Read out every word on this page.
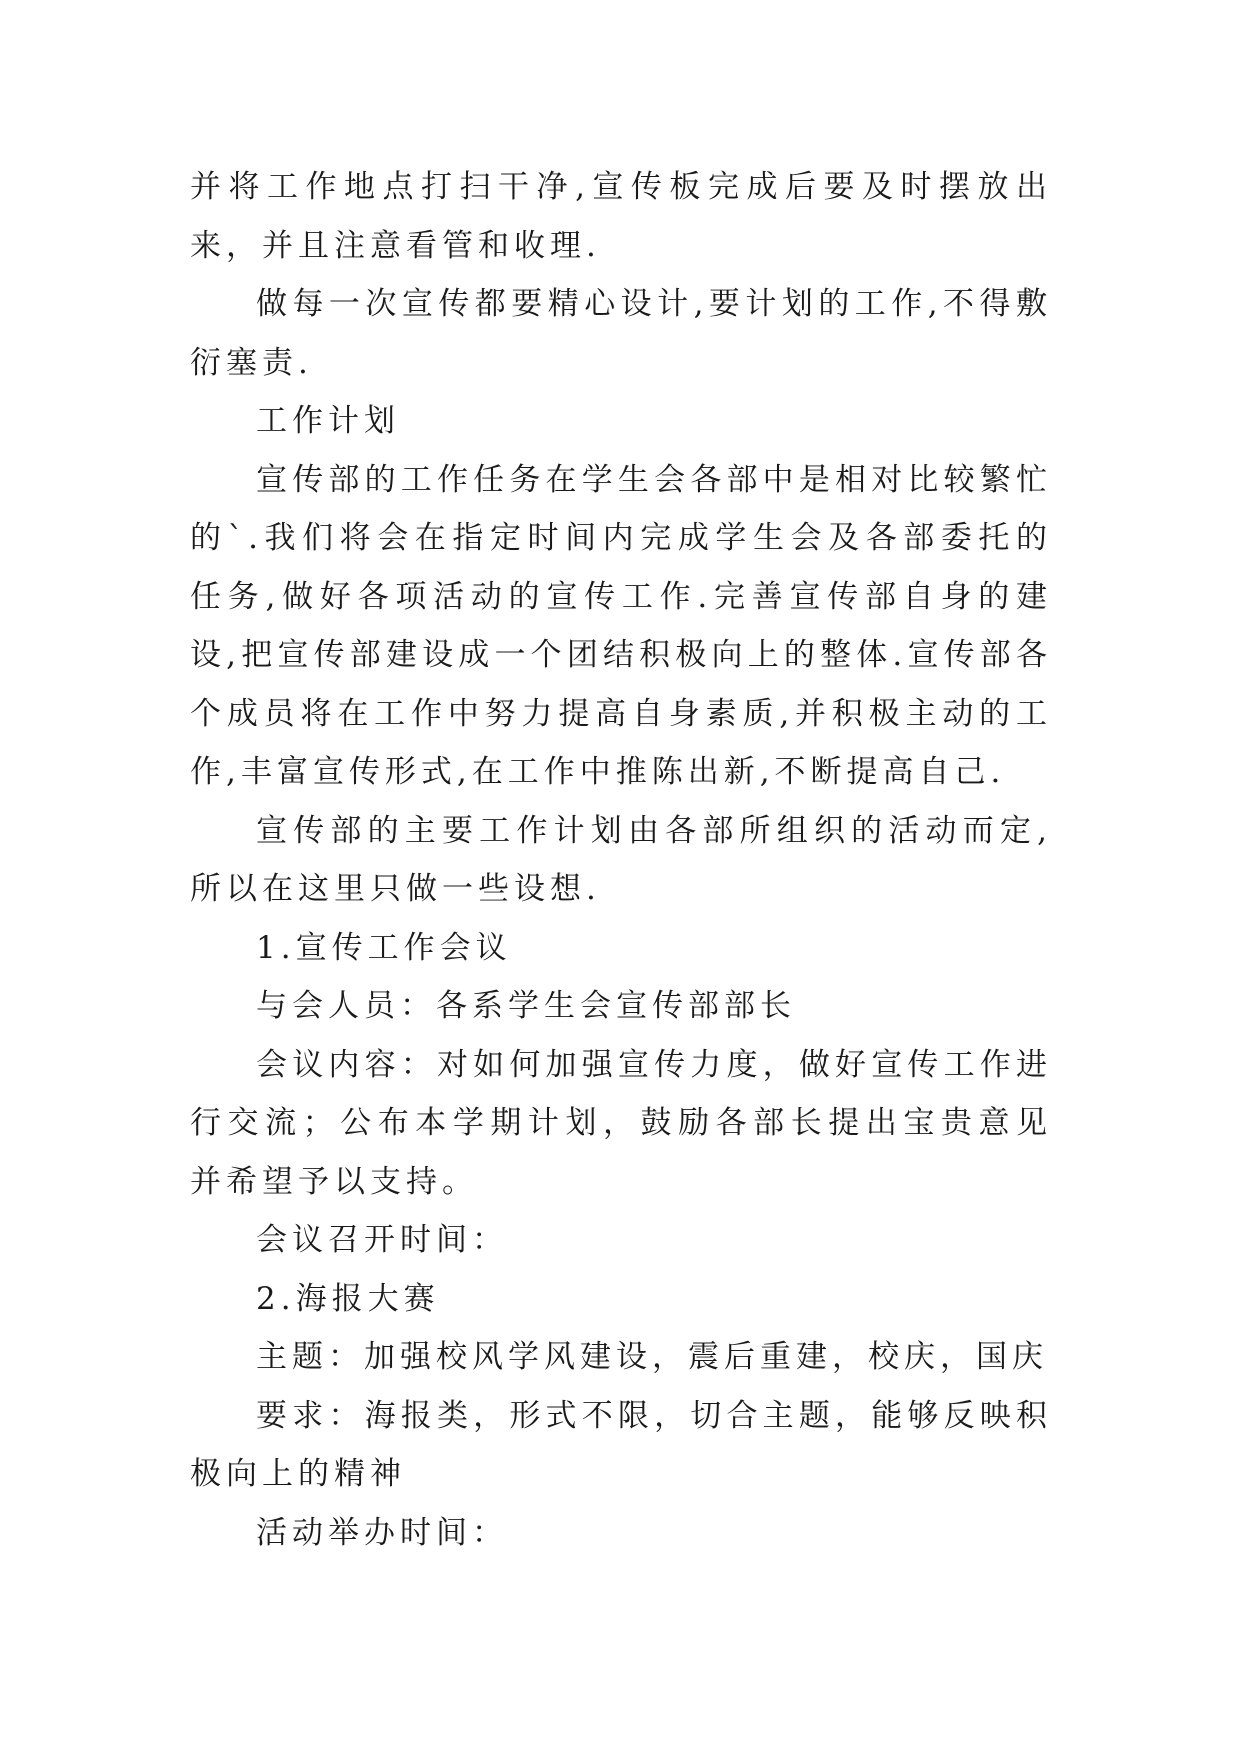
并将工作地点打扫干净,宣传板完成后要及时摆放出来，并且注意看管和收理.

做每一次宣传都要精心设计,要计划的工作,不得敷衍塞责.

工作计划

宣传部的工作任务在学生会各部中是相对比较繁忙的`.我们将会在指定时间内完成学生会及各部委托的任务,做好各项活动的宣传工作.完善宣传部自身的建设,把宣传部建设成一个团结积极向上的整体.宣传部各个成员将在工作中努力提高自身素质,并积极主动的工作,丰富宣传形式,在工作中推陈出新,不断提高自己.

宣传部的主要工作计划由各部所组织的活动而定,所以在这里只做一些设想.

1.宣传工作会议

与会人员：各系学生会宣传部部长

会议内容：对如何加强宣传力度，做好宣传工作进行交流；公布本学期计划，鼓励各部长提出宝贵意见并希望予以支持。

会议召开时间：

2.海报大赛

主题：加强校风学风建设，震后重建，校庆，国庆

要求：海报类，形式不限，切合主题，能够反映积极向上的精神

活动举办时间：
